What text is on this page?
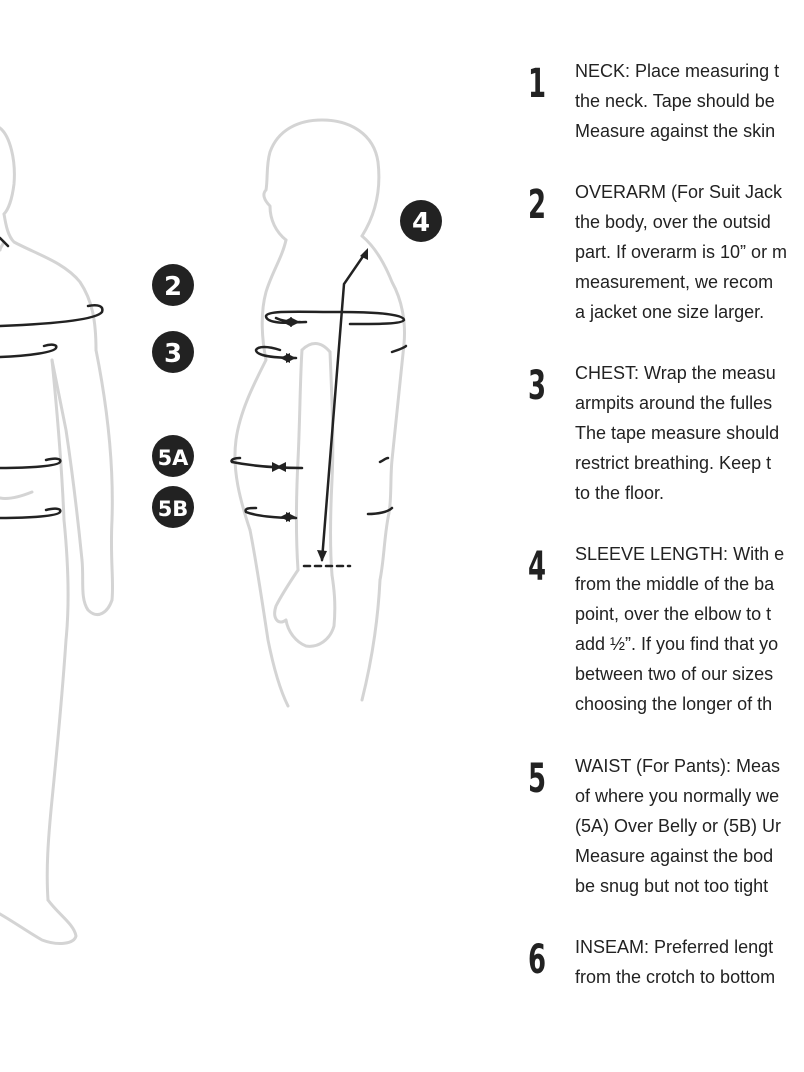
4
2
3
5A
5B
1 NECK: Place measuring t
the neck. Tape should be
Measure against the skin
2 OVERARM (For Suit Jack
the body, over the outsid
part. If overarm is 10” or m
measurement, we recom
a jacket one size larger.
3 CHEST: Wrap the measu
armpits around the fulles
The tape measure should
restrict breathing. Keep t
to the floor.
4 SLEEVE LENGTH: With e
from the middle of the ba
point, over the elbow to t
add ½”. If you find that yo
between two of our sizes
choosing the longer of th
5 WAIST (For Pants): Meas
of where you normally we
(5A) Over Belly or (5B) Ur
Measure against the bod
be snug but not too tight
6 INSEAM: Preferred lengt
from the crotch to bottom
